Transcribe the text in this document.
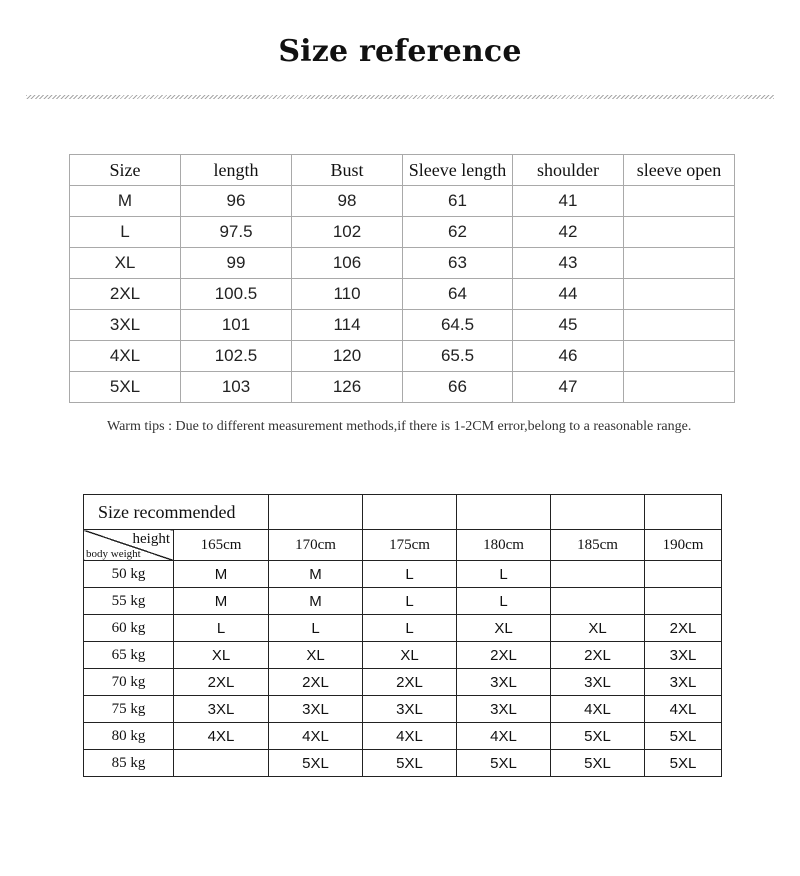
Size reference
Size	length	Bust	Sleeve length	shoulder	sleeve open
M	96	98	61	41	
L	97.5	102	62	42	
XL	99	106	63	43	
2XL	100.5	110	64	44	
3XL	101	114	64.5	45	
4XL	102.5	120	65.5	46	
5XL	103	126	66	47	
Warm tips : Due to different measurement methods,if there is 1-2CM error,belong to a reasonable range.
Size recommended						

height
body weight	165cm	170cm	175cm	180cm	185cm	190cm
50 kg	M	M	L	L		
55 kg	M	M	L	L		
60 kg	L	L	L	XL	XL	2XL
65 kg	XL	XL	XL	2XL	2XL	3XL
70 kg	2XL	2XL	2XL	3XL	3XL	3XL
75 kg	3XL	3XL	3XL	3XL	4XL	4XL
80 kg	4XL	4XL	4XL	4XL	5XL	5XL
85 kg		5XL	5XL	5XL	5XL	5XL
